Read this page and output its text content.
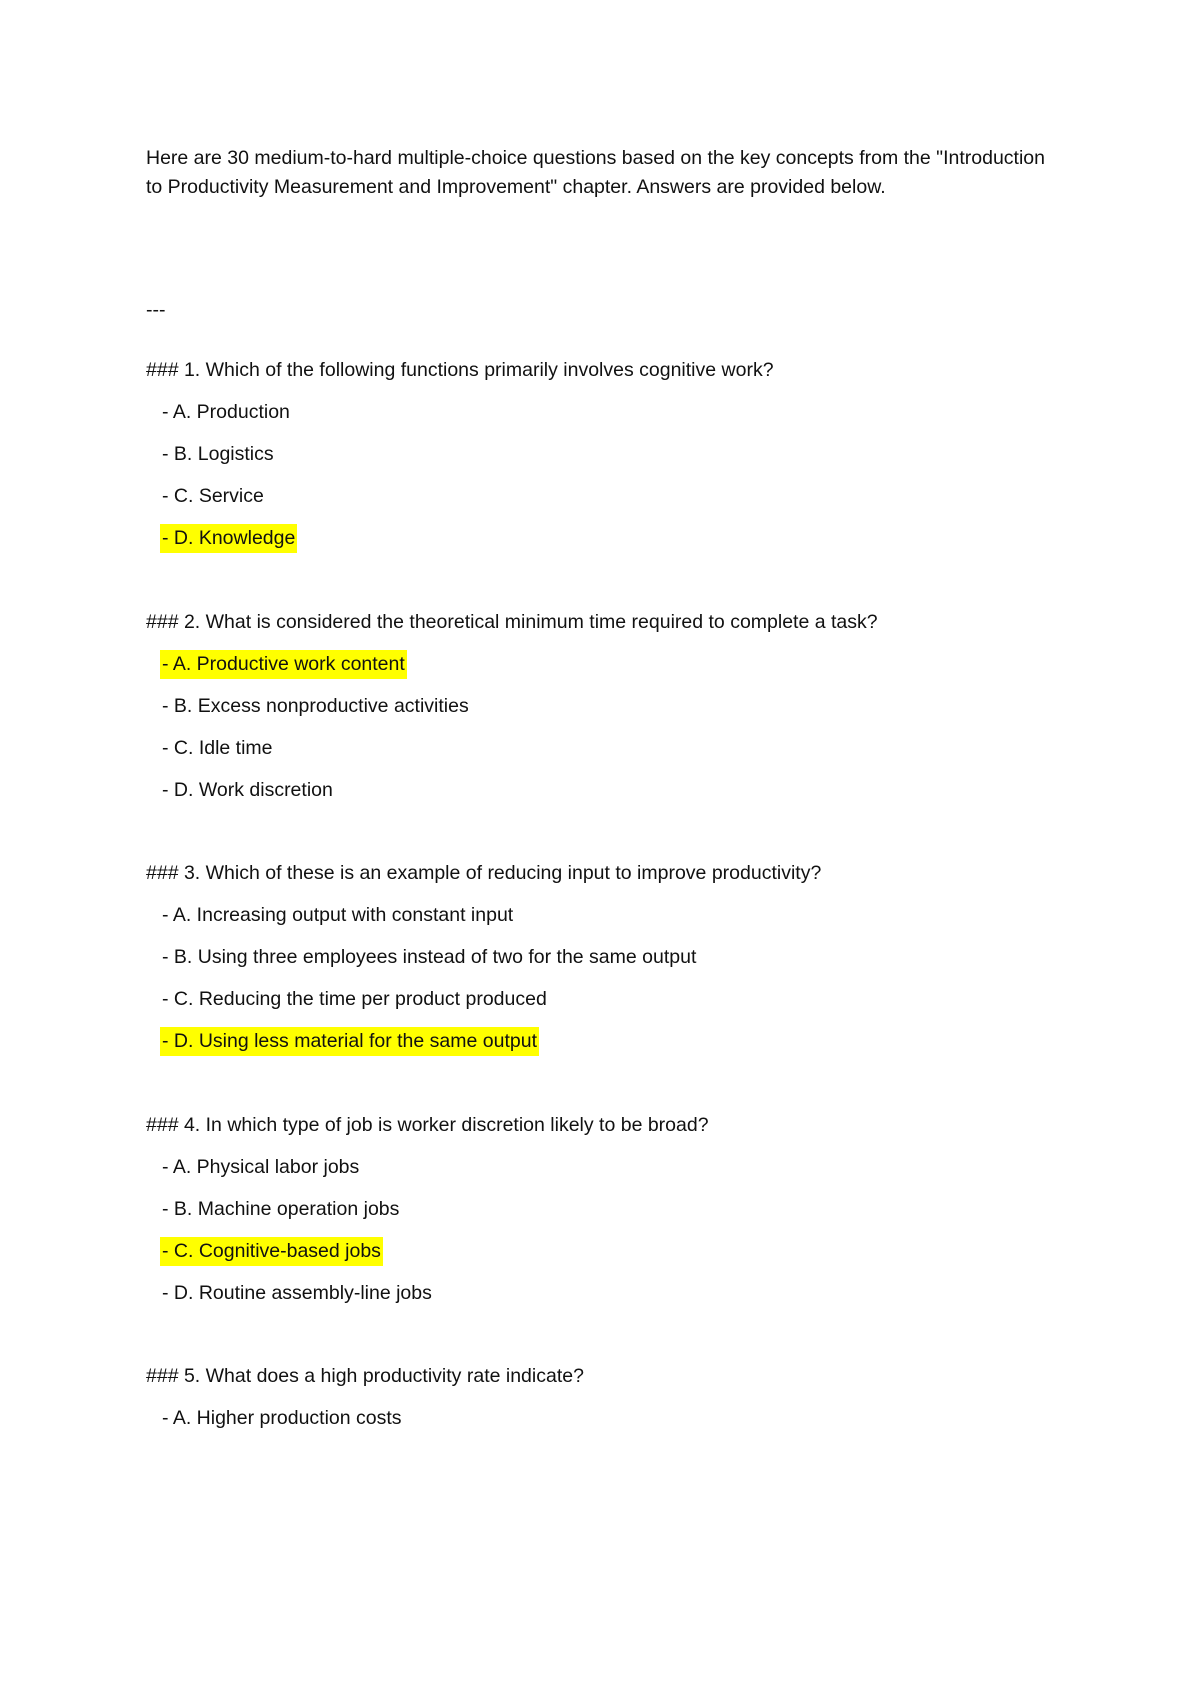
Here are 30 medium-to-hard multiple-choice questions based on the key concepts from the "Introduction to Productivity Measurement and Improvement" chapter. Answers are provided below.

---

### 1. Which of the following functions primarily involves cognitive work?

- A. Production

- B. Logistics

- C. Service

- D. Knowledge

### 2. What is considered the theoretical minimum time required to complete a task?

- A. Productive work content

- B. Excess nonproductive activities

- C. Idle time

- D. Work discretion

### 3. Which of these is an example of reducing input to improve productivity?

- A. Increasing output with constant input

- B. Using three employees instead of two for the same output

- C. Reducing the time per product produced

- D. Using less material for the same output

### 4. In which type of job is worker discretion likely to be broad?

- A. Physical labor jobs

- B. Machine operation jobs

- C. Cognitive-based jobs

- D. Routine assembly-line jobs

### 5. What does a high productivity rate indicate?

- A. Higher production costs
